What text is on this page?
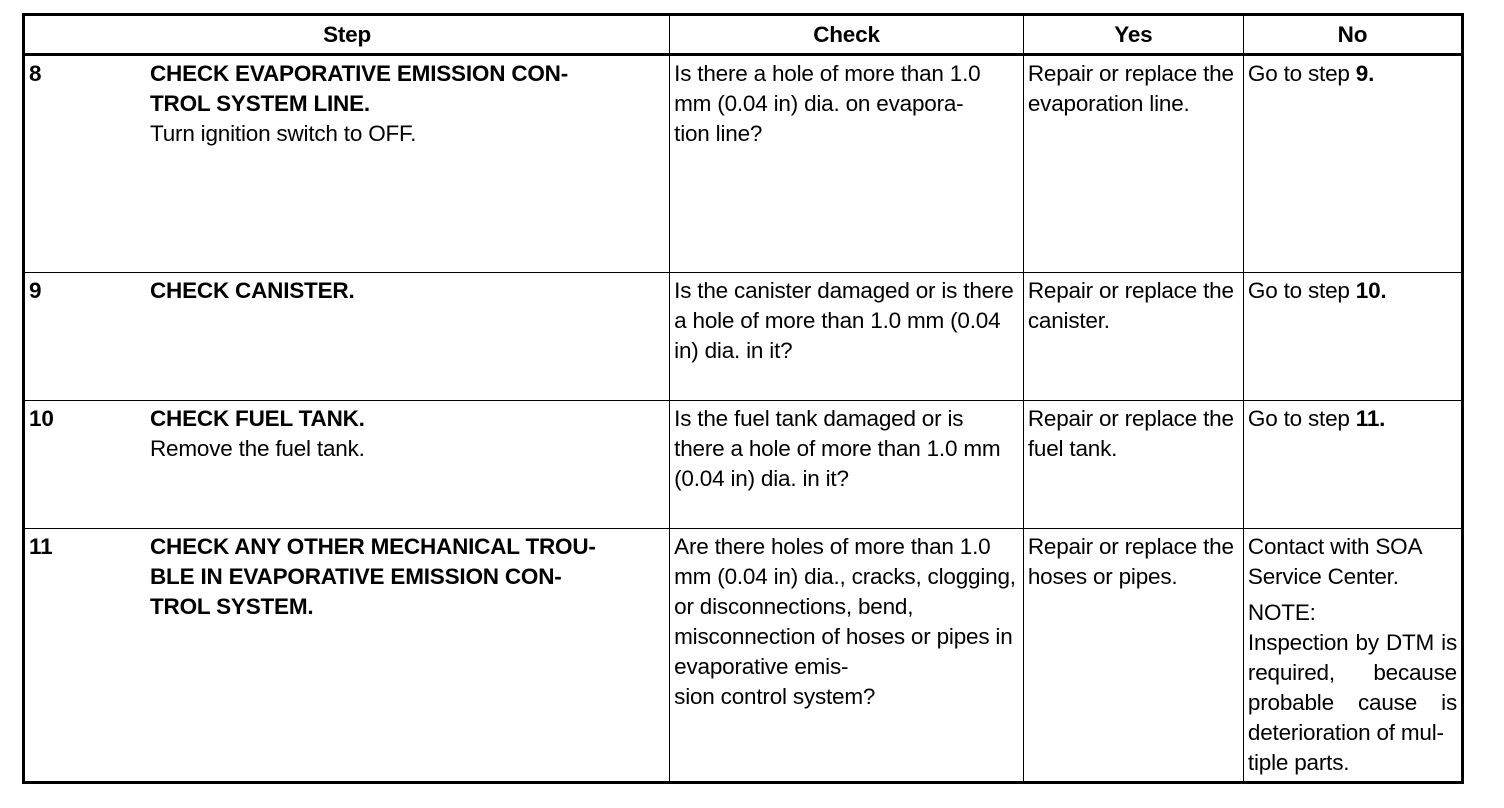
Step	Check	Yes	No

8 CHECK EVAPORATIVE EMISSION CON-
TROL SYSTEM LINE.
Turn ignition switch to OFF.	Is there a hole of more than 1.0 mm (0.04 in) dia. on evapora-
tion line?	Repair or replace the evaporation line.	Go to step 9.

9 CHECK CANISTER.	Is the canister damaged or is there a hole of more than 1.0 mm (0.04 in) dia. in it?	Repair or replace the canister.	Go to step 10.

10 CHECK FUEL TANK.
Remove the fuel tank.	Is the fuel tank damaged or is there a hole of more than 1.0 mm (0.04 in) dia. in it?	Repair or replace the fuel tank.	Go to step 11.

11 CHECK ANY OTHER MECHANICAL TROU-
BLE IN EVAPORATIVE EMISSION CON-
TROL SYSTEM.	Are there holes of more than 1.0 mm (0.04 in) dia., cracks, clogging, or disconnections, bend, misconnection of hoses or pipes in evaporative emis-
sion control system?	Repair or replace the hoses or pipes.	Contact with SOA Service Center.
NOTE:
Inspection by DTM is required, because probable cause is deterioration of mul-
tiple parts.
